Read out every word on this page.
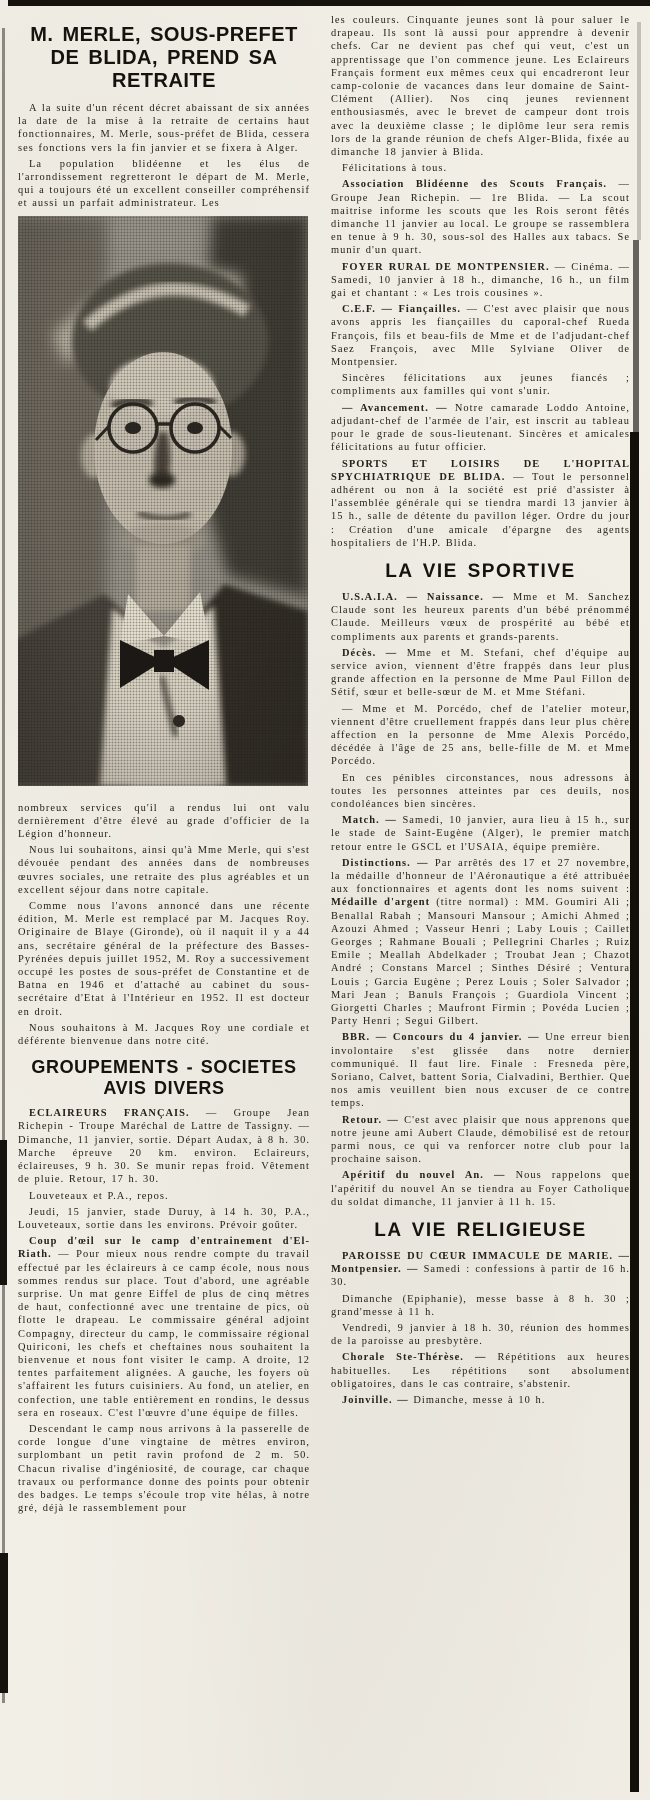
M. MERLE, SOUS-PREFET
DE BLIDA, PREND SA RETRAITE

A la suite d'un récent décret abaissant de six années la date de la mise à la retraite de certains haut fonctionnaires, M. Merle, sous-préfet de Blida, cessera ses fonctions vers la fin janvier et se fixera à Alger.

La population blidéenne et les élus de l'arrondissement regretteront le départ de M. Merle, qui a toujours été un excellent conseiller compréhensif et aussi un parfait administrateur. Les

nombreux services qu'il a rendus lui ont valu dernièrement d'être élevé au grade d'officier de la Légion d'honneur.

Nous lui souhaitons, ainsi qu'à Mme Merle, qui s'est dévouée pendant des années dans de nombreuses œuvres sociales, une retraite des plus agréables et un excellent séjour dans notre capitale.

Comme nous l'avons annoncé dans une récente édition, M. Merle est remplacé par M. Jacques Roy. Originaire de Blaye (Gironde), où il naquit il y a 44 ans, secrétaire général de la préfecture des Basses-Pyrénées depuis juillet 1952, M. Roy a successivement occupé les postes de sous-préfet de Constantine et de Batna en 1946 et d'attaché au cabinet du sous-secrétaire d'Etat à l'Intérieur en 1952. Il est docteur en droit.

Nous souhaitons à M. Jacques Roy une cordiale et déférente bienvenue dans notre cité.

GROUPEMENTS - SOCIETES
AVIS DIVERS

ECLAIREURS FRANÇAIS. — Groupe Jean Richepin - Troupe Maréchal de Lattre de Tassigny. — Dimanche, 11 janvier, sortie. Départ Audax, à 8 h. 30. Marche épreuve 20 km. environ. Eclaireurs, éclaireuses, 9 h. 30. Se munir repas froid. Vêtement de pluie. Retour, 17 h. 30.

Louveteaux et P.A., repos.

Jeudi, 15 janvier, stade Duruy, à 14 h. 30, P.A., Louveteaux, sortie dans les environs. Prévoir goûter.

Coup d'œil sur le camp d'entrainement d'El-Riath. — Pour mieux nous rendre compte du travail effectué par les éclaireurs à ce camp école, nous nous sommes rendus sur place. Tout d'abord, une agréable surprise. Un mat genre Eiffel de plus de cinq mètres de haut, confectionné avec une trentaine de pics, où flotte le drapeau. Le commissaire général adjoint Compagny, directeur du camp, le commissaire régional Quiriconi, les chefs et cheftaines nous souhaitent la bienvenue et nous font visiter le camp. A droite, 12 tentes parfaitement alignées. A gauche, les foyers où s'affairent les futurs cuisiniers. Au fond, un atelier, en confection, une table entièrement en rondins, le dessus sera en roseaux. C'est l'œuvre d'une équipe de filles.

Descendant le camp nous arrivons à la passerelle de corde longue d'une vingtaine de mètres environ, surplombant un petit ravin profond de 2 m. 50. Chacun rivalise d'ingéniosité, de courage, car chaque travaux ou performance donne des points pour obtenir des badges. Le temps s'écoule trop vite hélas, à notre gré, déjà le rassemblement pour

les couleurs. Cinquante jeunes sont là pour saluer le drapeau. Ils sont là aussi pour apprendre à devenir chefs. Car ne devient pas chef qui veut, c'est un apprentissage que l'on commence jeune. Les Eclaireurs Français forment eux mêmes ceux qui encadreront leur camp-colonie de vacances dans leur domaine de Saint-Clément (Allier). Nos cinq jeunes reviennent enthousiasmés, avec le brevet de campeur dont trois avec la deuxième classe ; le diplôme leur sera remis lors de la grande réunion de chefs Alger-Blida, fixée au dimanche 18 janvier à Blida.

Félicitations à tous.

Association Blidéenne des Scouts Français. — Groupe Jean Richepin. — 1re Blida. — La scout maitrise informe les scouts que les Rois seront fêtés dimanche 11 janvier au local. Le groupe se rassemblera en tenue à 9 h. 30, sous-sol des Halles aux tabacs. Se munir d'un quart.

FOYER RURAL DE MONTPENSIER. — Cinéma. — Samedi, 10 janvier à 18 h., dimanche, 16 h., un film gai et chantant : « Les trois cousines ».

C.E.F. — Fiançailles. — C'est avec plaisir que nous avons appris les fiançailles du caporal-chef Rueda François, fils et beau-fils de Mme et de l'adjudant-chef Saez François, avec Mlle Sylviane Oliver de Montpensier.

Sincères félicitations aux jeunes fiancés ; compliments aux familles qui vont s'unir.

— Avancement. — Notre camarade Loddo Antoine, adjudant-chef de l'armée de l'air, est inscrit au tableau pour le grade de sous-lieutenant. Sincères et amicales félicitations au futur officier.

SPORTS ET LOISIRS DE L'HOPITAL SPYCHIATRIQUE DE BLIDA. — Tout le personnel adhérent ou non à la société est prié d'assister à l'assemblée générale qui se tiendra mardi 13 janvier à 15 h., salle de détente du pavillon léger. Ordre du jour : Création d'une amicale d'épargne des agents hospitaliers de l'H.P. Blida.

LA VIE SPORTIVE

U.S.A.I.A. — Naissance. — Mme et M. Sanchez Claude sont les heureux parents d'un bébé prénommé Claude. Meilleurs vœux de prospérité au bébé et compliments aux parents et grands-parents.

Décès. — Mme et M. Stefani, chef d'équipe au service avion, viennent d'être frappés dans leur plus grande affection en la personne de Mme Paul Fillon de Sétif, sœur et belle-sœur de M. et Mme Stéfani.

— Mme et M. Porcédo, chef de l'atelier moteur, viennent d'être cruellement frappés dans leur plus chère affection en la personne de Mme Alexis Porcédo, décédée à l'âge de 25 ans, belle-fille de M. et Mme Porcédo.

En ces pénibles circonstances, nous adressons à toutes les personnes atteintes par ces deuils, nos condoléances bien sincères.

Match. — Samedi, 10 janvier, aura lieu à 15 h., sur le stade de Saint-Eugène (Alger), le premier match retour entre le GSCL et l'USAIA, équipe première.

Distinctions. — Par arrêtés des 17 et 27 novembre, la médaille d'honneur de l'Aéronautique a été attribuée aux fonctionnaires et agents dont les noms suivent : Médaille d'argent (titre normal) : MM. Goumiri Ali ; Benallal Rabah ; Mansouri Mansour ; Amichi Ahmed ; Azouzi Ahmed ; Vasseur Henri ; Laby Louis ; Caillet Georges ; Rahmane Bouali ; Pellegrini Charles ; Ruiz Emile ; Meallah Abdelkader ; Troubat Jean ; Chazot André ; Constans Marcel ; Sinthes Désiré ; Ventura Louis ; Garcia Eugène ; Perez Louis ; Soler Salvador ; Mari Jean ; Banuls François ; Guardiola Vincent ; Giorgetti Charles ; Maufront Firmin ; Povéda Lucien ; Party Henri ; Segui Gilbert.

BBR. — Concours du 4 janvier. — Une erreur bien involontaire s'est glissée dans notre dernier communiqué. Il faut lire. Finale : Fresneda père, Soriano, Calvet, battent Soria, Cialvadini, Berthier. Que nos amis veuillent bien nous excuser de ce contre temps.

Retour. — C'est avec plaisir que nous apprenons que notre jeune ami Aubert Claude, démobilisé est de retour parmi nous, ce qui va renforcer notre club pour la prochaine saison.

Apéritif du nouvel An. — Nous rappelons que l'apéritif du nouvel An se tiendra au Foyer Catholique du soldat dimanche, 11 janvier à 11 h. 15.

LA VIE RELIGIEUSE

PAROISSE DU CŒUR IMMACULE DE MARIE. — Montpensier. — Samedi : confessions à partir de 16 h. 30.

Dimanche (Epiphanie), messe basse à 8 h. 30 ; grand'messe à 11 h.

Vendredi, 9 janvier à 18 h. 30, réunion des hommes de la paroisse au presbytère.

Chorale Ste-Thérèse. — Répétitions aux heures habituelles. Les répétitions sont absolument obligatoires, dans le cas contraire, s'abstenir.

Joinville. — Dimanche, messe à 10 h.
